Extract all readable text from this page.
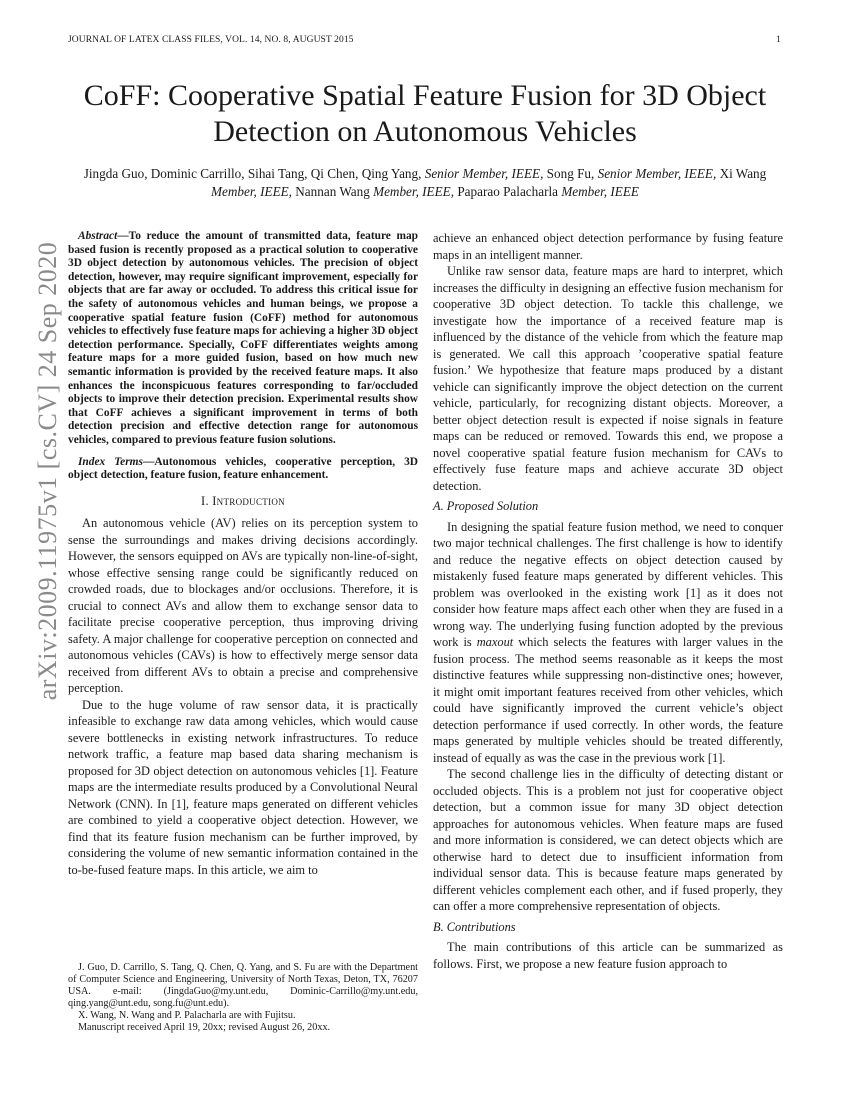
JOURNAL OF LATEX CLASS FILES, VOL. 14, NO. 8, AUGUST 2015	1
arXiv:2009.11975v1 [cs.CV] 24 Sep 2020
CoFF: Cooperative Spatial Feature Fusion for 3D Object Detection on Autonomous Vehicles
Jingda Guo, Dominic Carrillo, Sihai Tang, Qi Chen, Qing Yang, Senior Member, IEEE, Song Fu, Senior Member, IEEE, Xi Wang Member, IEEE, Nannan Wang Member, IEEE, Paparao Palacharla Member, IEEE

Abstract—To reduce the amount of transmitted data, feature map based fusion is recently proposed as a practical solution to cooperative 3D object detection by autonomous vehicles. The precision of object detection, however, may require significant improvement, especially for objects that are far away or occluded. To address this critical issue for the safety of autonomous vehicles and human beings, we propose a cooperative spatial feature fusion (CoFF) method for autonomous vehicles to effectively fuse feature maps for achieving a higher 3D object detection performance. Specially, CoFF differentiates weights among feature maps for a more guided fusion, based on how much new semantic information is provided by the received feature maps. It also enhances the inconspicuous features corresponding to far/occluded objects to improve their detection precision. Experimental results show that CoFF achieves a significant improvement in terms of both detection precision and effective detection range for autonomous vehicles, compared to previous feature fusion solutions.

Index Terms—Autonomous vehicles, cooperative perception, 3D object detection, feature fusion, feature enhancement.

I. Introduction

An autonomous vehicle (AV) relies on its perception system to sense the surroundings and makes driving decisions accordingly. However, the sensors equipped on AVs are typically non-line-of-sight, whose effective sensing range could be significantly reduced on crowded roads, due to blockages and/or occlusions. Therefore, it is crucial to connect AVs and allow them to exchange sensor data to facilitate precise cooperative perception, thus improving driving safety. A major challenge for cooperative perception on connected and autonomous vehicles (CAVs) is how to effectively merge sensor data received from different AVs to obtain a precise and comprehensive perception.

Due to the huge volume of raw sensor data, it is practically infeasible to exchange raw data among vehicles, which would cause severe bottlenecks in existing network infrastructures. To reduce network traffic, a feature map based data sharing mechanism is proposed for 3D object detection on autonomous vehicles [1]. Feature maps are the intermediate results produced by a Convolutional Neural Network (CNN). In [1], feature maps generated on different vehicles are combined to yield a cooperative object detection. However, we find that its feature fusion mechanism can be further improved, by considering the volume of new semantic information contained in the to-be-fused feature maps. In this article, we aim to

J. Guo, D. Carrillo, S. Tang, Q. Chen, Q. Yang, and S. Fu are with the Department of Computer Science and Engineering, University of North Texas, Deton, TX, 76207 USA. e-mail: (JingdaGuo@my.unt.edu, Dominic-Carrillo@my.unt.edu, qing.yang@unt.edu, song.fu@unt.edu).

X. Wang, N. Wang and P. Palacharla are with Fujitsu.

Manuscript received April 19, 20xx; revised August 26, 20xx.

achieve an enhanced object detection performance by fusing feature maps in an intelligent manner.

Unlike raw sensor data, feature maps are hard to interpret, which increases the difficulty in designing an effective fusion mechanism for cooperative 3D object detection. To tackle this challenge, we investigate how the importance of a received feature map is influenced by the distance of the vehicle from which the feature map is generated. We call this approach ’cooperative spatial feature fusion.’ We hypothesize that feature maps produced by a distant vehicle can significantly improve the object detection on the current vehicle, particularly, for recognizing distant objects. Moreover, a better object detection result is expected if noise signals in feature maps can be reduced or removed. Towards this end, we propose a novel cooperative spatial feature fusion mechanism for CAVs to effectively fuse feature maps and achieve accurate 3D object detection.

A. Proposed Solution

In designing the spatial feature fusion method, we need to conquer two major technical challenges. The first challenge is how to identify and reduce the negative effects on object detection caused by mistakenly fused feature maps generated by different vehicles. This problem was overlooked in the existing work [1] as it does not consider how feature maps affect each other when they are fused in a wrong way. The underlying fusing function adopted by the previous work is maxout which selects the features with larger values in the fusion process. The method seems reasonable as it keeps the most distinctive features while suppressing non-distinctive ones; however, it might omit important features received from other vehicles, which could have significantly improved the current vehicle’s object detection performance if used correctly. In other words, the feature maps generated by multiple vehicles should be treated differently, instead of equally as was the case in the previous work [1].

The second challenge lies in the difficulty of detecting distant or occluded objects. This is a problem not just for cooperative object detection, but a common issue for many 3D object detection approaches for autonomous vehicles. When feature maps are fused and more information is considered, we can detect objects which are otherwise hard to detect due to insufficient information from individual sensor data. This is because feature maps generated by different vehicles complement each other, and if fused properly, they can offer a more comprehensive representation of objects.

B. Contributions

The main contributions of this article can be summarized as follows. First, we propose a new feature fusion approach to
